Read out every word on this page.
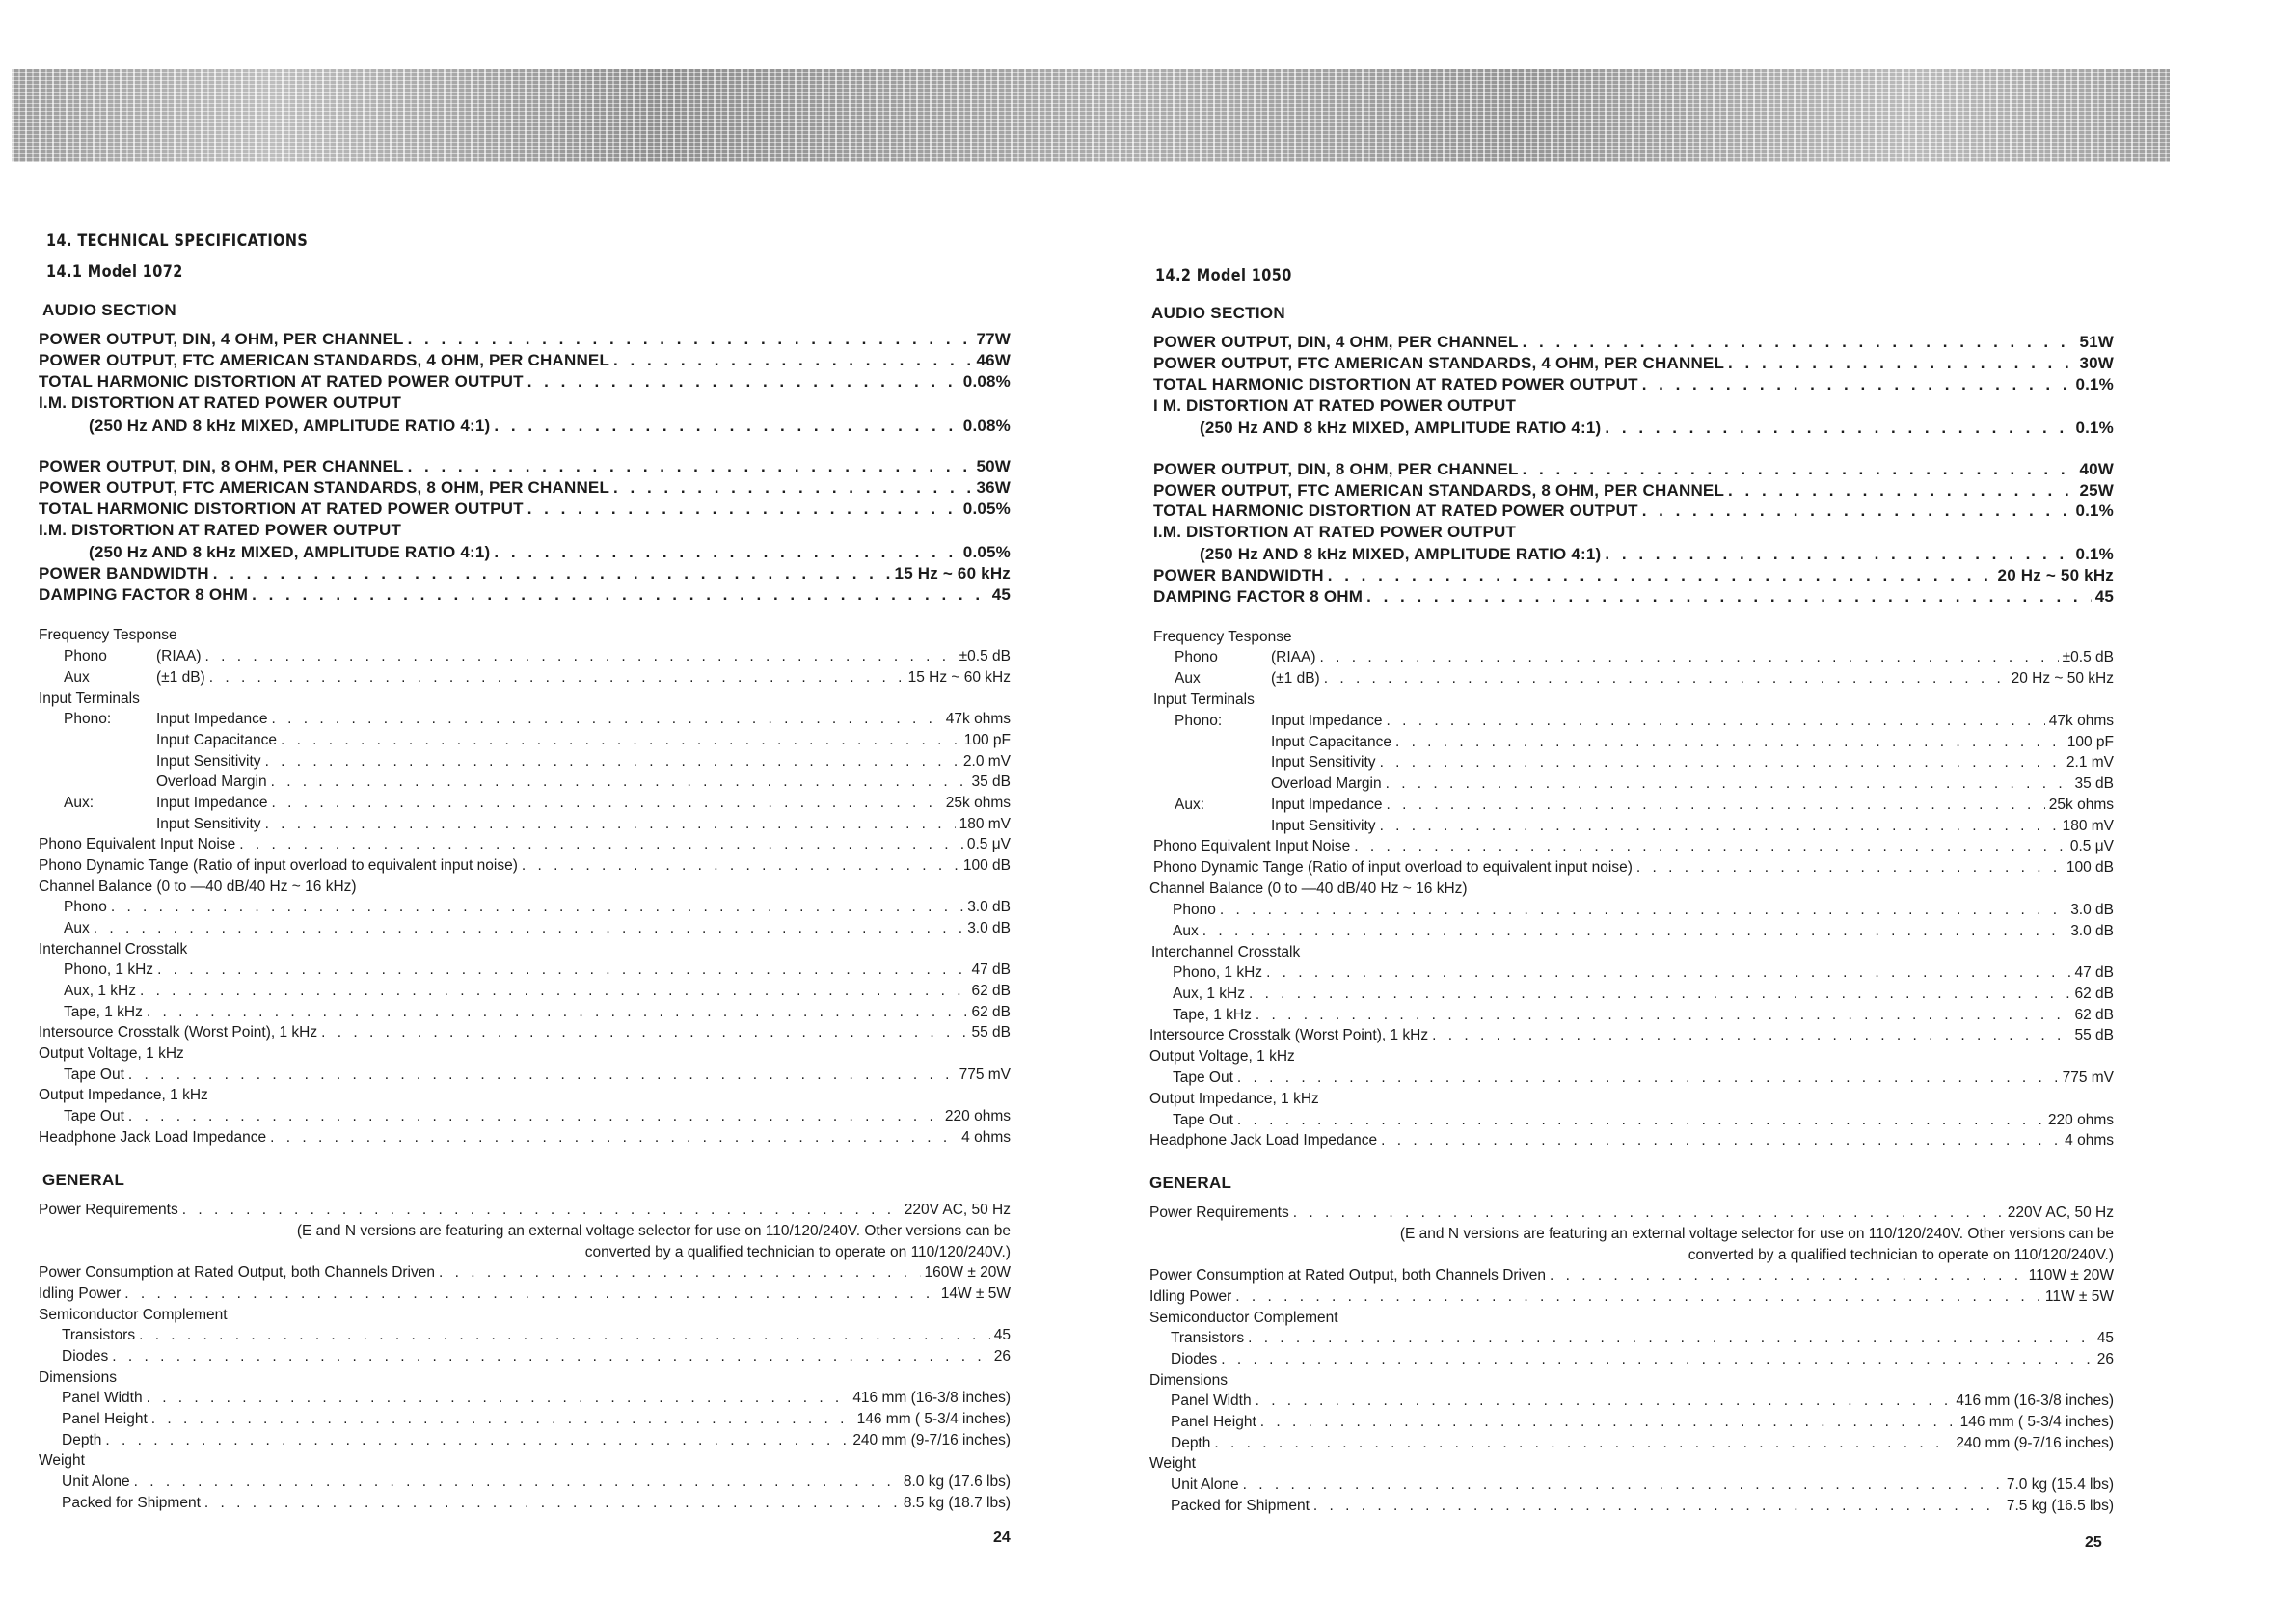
14. TECHNICAL SPECIFICATIONS
14.1 Model 1072
AUDIO SECTION
POWER OUTPUT, DIN, 4 OHM, PER CHANNEL . . .	77W
POWER OUTPUT, FTC AMERICAN STANDARDS, 4 OHM, PER CHANNEL . . .	46W
TOTAL HARMONIC DISTORTION AT RATED POWER OUTPUT . . .	0.08%
I.M. DISTORTION AT RATED POWER OUTPUT
(250 Hz AND 8 kHz MIXED, AMPLITUDE RATIO 4:1) . . .	0.08%
POWER OUTPUT, DIN, 8 OHM, PER CHANNEL . . .	50W
POWER OUTPUT, FTC AMERICAN STANDARDS, 8 OHM, PER CHANNEL . . .	36W
TOTAL HARMONIC DISTORTION AT RATED POWER OUTPUT . . .	0.05%
I.M. DISTORTION AT RATED POWER OUTPUT
(250 Hz AND 8 kHz MIXED, AMPLITUDE RATIO 4:1) . . .	0.05%
POWER BANDWIDTH . . .	15 Hz ~ 60 kHz
DAMPING FACTOR 8 OHM . . .	45
Frequency Tesponse
Phono	(RIAA) . . .	±0.5 dB
Aux	(±1 dB) . . .	15 Hz ~ 60 kHz
Input Terminals
Phono:	Input Impedance . . .	47k ohms
Input Capacitance . . .	100 pF
Input Sensitivity . . .	2.0 mV
Overload Margin . . .	35 dB
Aux:	Input Impedance . . .	25k ohms
Input Sensitivity . . .	180 mV
Phono Equivalent Input Noise . . .	0.5 μV
Phono Dynamic Tange (Ratio of input overload to equivalent input noise) . . .	100 dB
Channel Balance (0 to —40 dB/40 Hz ~ 16 kHz)
Phono . . .	3.0 dB
Aux . . .	3.0 dB
Interchannel Crosstalk
Phono, 1 kHz . . .	47 dB
Aux, 1 kHz . . .	62 dB
Tape, 1 kHz . . .	62 dB
Intersource Crosstalk (Worst Point), 1 kHz . . .	55 dB
Output Voltage, 1 kHz
Tape Out . . .	775 mV
Output Impedance, 1 kHz
Tape Out . . .	220 ohms
Headphone Jack Load Impedance . . .	4 ohms
GENERAL
Power Requirements . . .	220V AC, 50 Hz
(E and N versions are featuring an external voltage selector for use on 110/120/240V. Other versions can be
converted by a qualified technician to operate on 110/120/240V.)
Power Consumption at Rated Output, both Channels Driven . . .	160W ± 20W
Idling Power . . .	14W ± 5W
Semiconductor Complement
Transistors . . .	45
Diodes . . .	26
Dimensions
Panel Width . . .	416 mm (16-3/8 inches)
Panel Height . . .	146 mm ( 5-3/4 inches)
Depth . . .	240 mm (9-7/16 inches)
Weight
Unit Alone . . .	8.0 kg (17.6 lbs)
Packed for Shipment . . .	8.5 kg (18.7 lbs)
24
14.2 Model 1050
AUDIO SECTION
POWER OUTPUT, DIN, 4 OHM, PER CHANNEL . . .	51W
POWER OUTPUT, FTC AMERICAN STANDARDS, 4 OHM, PER CHANNEL . . .	30W
TOTAL HARMONIC DISTORTION AT RATED POWER OUTPUT . . .	0.1%
I M. DISTORTION AT RATED POWER OUTPUT
(250 Hz AND 8 kHz MIXED, AMPLITUDE RATIO 4:1) . . .	0.1%
POWER OUTPUT, DIN, 8 OHM, PER CHANNEL . . .	40W
POWER OUTPUT, FTC AMERICAN STANDARDS, 8 OHM, PER CHANNEL . . .	25W
TOTAL HARMONIC DISTORTION AT RATED POWER OUTPUT . . .	0.1%
I.M. DISTORTION AT RATED POWER OUTPUT
(250 Hz AND 8 kHz MIXED, AMPLITUDE RATIO 4:1) . . .	0.1%
POWER BANDWIDTH . . .	20 Hz ~ 50 kHz
DAMPING FACTOR 8 OHM . . .	45
Frequency Tesponse
Phono	(RIAA) . . .	±0.5 dB
Aux	(±1 dB) . . .	20 Hz ~ 50 kHz
Input Terminals
Phono:	Input Impedance . . .	47k ohms
Input Capacitance . . .	100 pF
Input Sensitivity . . .	2.1 mV
Overload Margin . . .	35 dB
Aux:	Input Impedance . . .	25k ohms
Input Sensitivity . . .	180 mV
Phono Equivalent Input Noise . . .	0.5 μV
Phono Dynamic Tange (Ratio of input overload to equivalent input noise) . . .	100 dB
Channel Balance (0 to —40 dB/40 Hz ~ 16 kHz)
Phono . . .	3.0 dB
Aux . . .	3.0 dB
Interchannel Crosstalk
Phono, 1 kHz . . .	47 dB
Aux, 1 kHz . . .	62 dB
Tape, 1 kHz . . .	62 dB
Intersource Crosstalk (Worst Point), 1 kHz . . .	55 dB
Output Voltage, 1 kHz
Tape Out . . .	775 mV
Output Impedance, 1 kHz
Tape Out . . .	220 ohms
Headphone Jack Load Impedance . . .	4 ohms
GENERAL
Power Requirements . . .	220V AC, 50 Hz
(E and N versions are featuring an external voltage selector for use on 110/120/240V. Other versions can be
converted by a qualified technician to operate on 110/120/240V.)
Power Consumption at Rated Output, both Channels Driven . . .	110W ± 20W
Idling Power . . .	11W ± 5W
Semiconductor Complement
Transistors . . .	45
Diodes . . .	26
Dimensions
Panel Width . . .	416 mm (16-3/8 inches)
Panel Height . . .	146 mm ( 5-3/4 inches)
Depth . . .	240 mm (9-7/16 inches)
Weight
Unit Alone . . .	7.0 kg (15.4 lbs)
Packed for Shipment . . .	7.5 kg (16.5 lbs)
25
